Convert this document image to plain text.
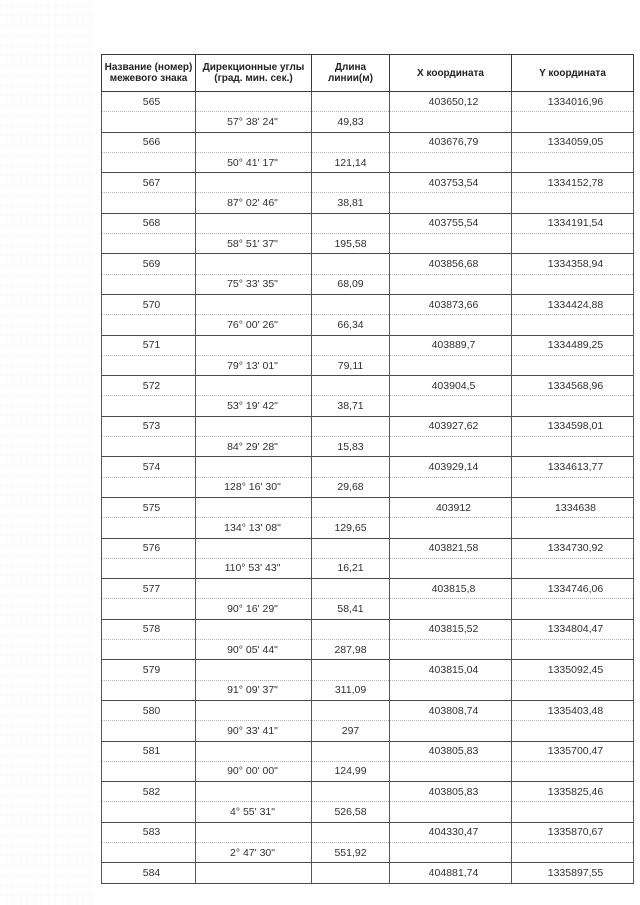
Название (номер) межевого знака	Дирекционные углы (град. мин. сек.)	Длина линии(м)	X координата	Y координата
565			403650,12	1334016,96
	57° 38' 24"	49,83		
566			403676,79	1334059,05
	50° 41' 17"	121,14		
567			403753,54	1334152,78
	87° 02' 46"	38,81		
568			403755,54	1334191,54
	58° 51' 37"	195,58		
569			403856,68	1334358,94
	75° 33' 35"	68,09		
570			403873,66	1334424,88
	76° 00' 26"	66,34		
571			403889,7	1334489,25
	79° 13' 01"	79,11		
572			403904,5	1334568,96
	53° 19' 42"	38,71		
573			403927,62	1334598,01
	84° 29' 28"	15,83		
574			403929,14	1334613,77
	128° 16' 30"	29,68		
575			403912	1334638
	134° 13' 08"	129,65		
576			403821,58	1334730,92
	110° 53' 43"	16,21		
577			403815,8	1334746,06
	90° 16' 29"	58,41		
578			403815,52	1334804,47
	90° 05' 44"	287,98		
579			403815,04	1335092,45
	91° 09' 37"	311,09		
580			403808,74	1335403,48
	90° 33' 41"	297		
581			403805,83	1335700,47
	90° 00' 00"	124,99		
582			403805,83	1335825,46
	4° 55' 31"	526,58		
583			404330,47	1335870,67
	2° 47' 30"	551,92		
584			404881,74	1335897,55
